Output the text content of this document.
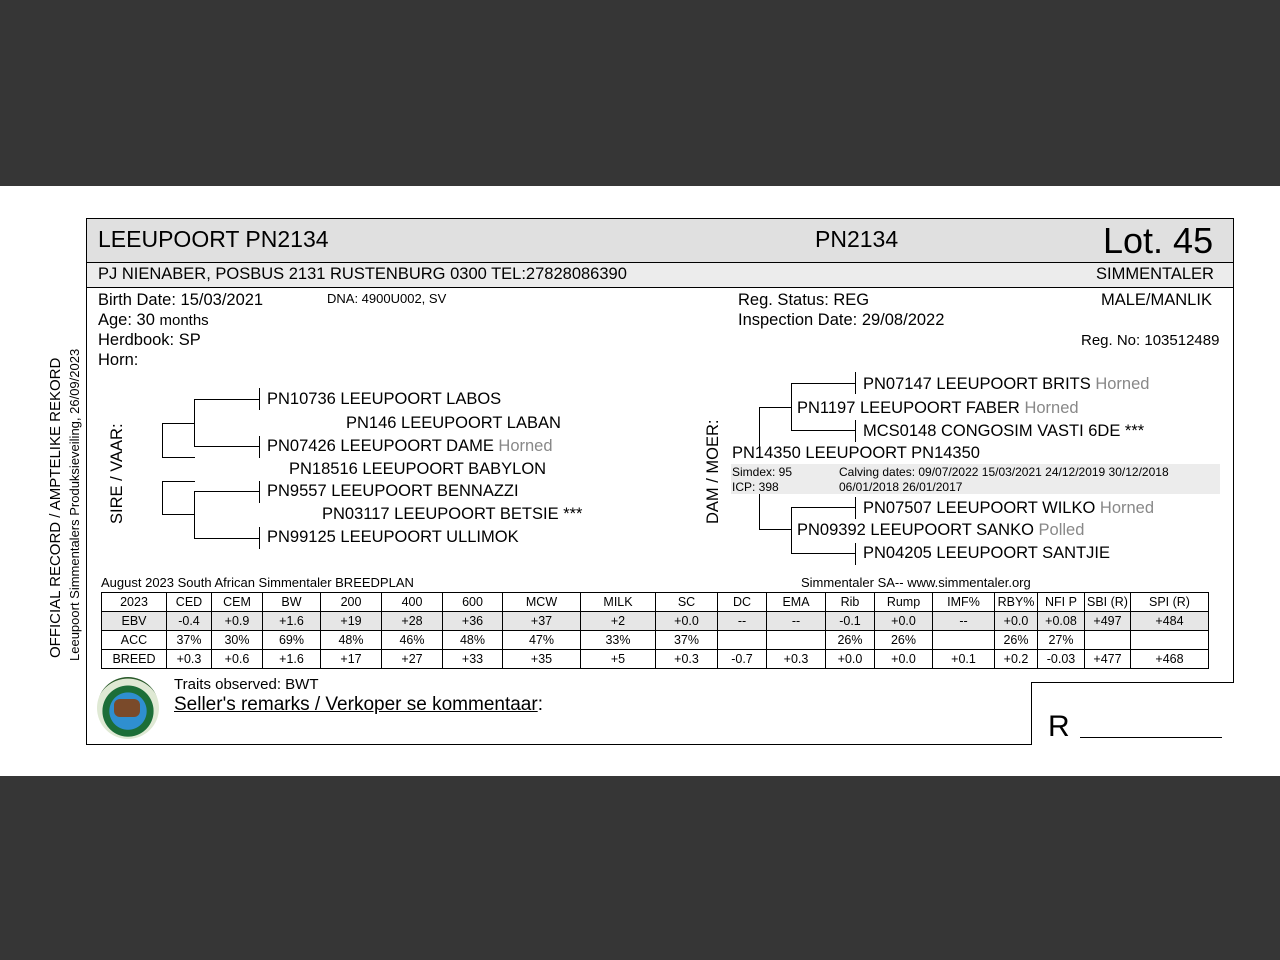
OFFICIAL RECORD / AMPTELIKE REKORD Leeupoort Simmentalers Produksieveiling, 26/09/2023
LEEUPOORT PN2134	PN2134	Lot. 45
PJ NIENABER, POSBUS 2131 RUSTENBURG 0300 TEL:27828086390	SIMMENTALER
Birth Date: 15/03/2021	DNA: 4900U002, SV
Age: 30 months
Herdbook: SP
Horn:
Reg. Status: REG
Inspection Date: 29/08/2022
MALE/MANLIK
Reg. No: 103512489
SIRE / VAAR:
PN10736 LEEUPOORT LABOS
PN146 LEEUPOORT LABAN
PN07426 LEEUPOORT DAME Horned
PN18516 LEEUPOORT BABYLON
PN9557 LEEUPOORT BENNAZZI
PN03117 LEEUPOORT BETSIE ***
PN99125 LEEUPOORT ULLIMOK
DAM / MOER:
PN07147 LEEUPOORT BRITS Horned
PN1197 LEEUPOORT FABER Horned
MCS0148 CONGOSIM VASTI 6DE ***
PN14350 LEEUPOORT PN14350
Simdex: 95
ICP: 398
Calving dates: 09/07/2022 15/03/2021 24/12/2019 30/12/2018
06/01/2018 26/01/2017
PN07507 LEEUPOORT WILKO Horned
PN09392 LEEUPOORT SANKO Polled
PN04205 LEEUPOORT SANTJIE
August 2023 South African Simmentaler BREEDPLAN	Simmentaler SA-- www.simmentaler.org
2023	CED	CEM	BW	200	400	600	MCW	MILK	SC	DC	EMA	Rib	Rump	IMF%	RBY%	NFI P	SBI (R)	SPI (R)
EBV	-0.4	+0.9	+1.6	+19	+28	+36	+37	+2	+0.0	--	--	-0.1	+0.0	--	+0.0	+0.08	+497	+484
ACC	37%	30%	69%	48%	46%	48%	47%	33%	37%			26%	26%		26%	27%		
BREED	+0.3	+0.6	+1.6	+17	+27	+33	+35	+5	+0.3	-0.7	+0.3	+0.0	+0.0	+0.1	+0.2	-0.03	+477	+468
Traits observed: BWT
Seller's remarks / Verkoper se kommentaar:
R
